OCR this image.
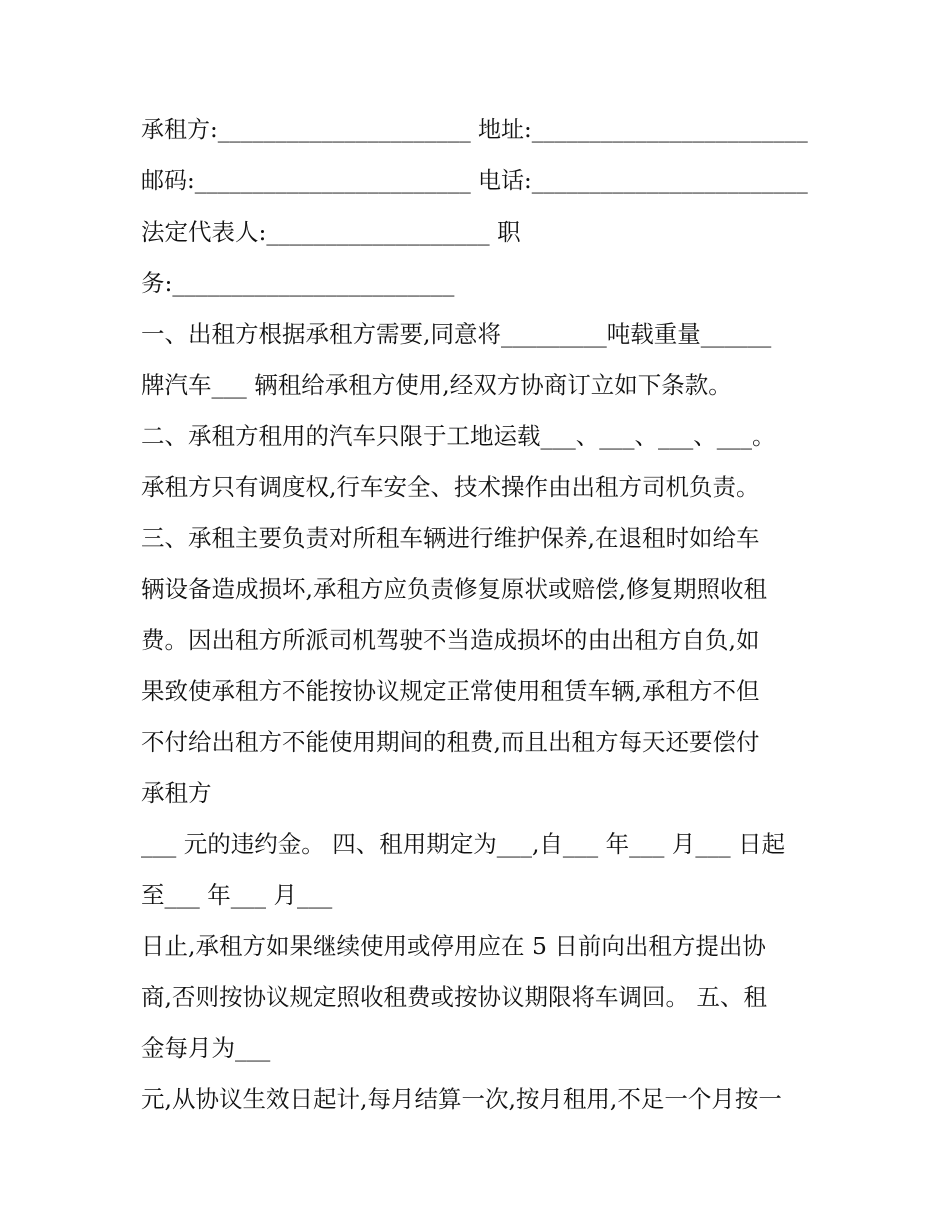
承租方:______________________ 地址:________________________
邮码:________________________ 电话:________________________
法定代表人:___________________ 职
务:________________________
一、出租方根据承租方需要,同意将_________吨载重量______
牌汽车___ 辆租给承租方使用,经双方协商订立如下条款。
二、承租方租用的汽车只限于工地运载___、___、___、___。
承租方只有调度权,行车安全、技术操作由出租方司机负责。
三、承租主要负责对所租车辆进行维护保养,在退租时如给车
辆设备造成损坏,承租方应负责修复原状或赔偿,修复期照收租
费。因出租方所派司机驾驶不当造成损坏的由出租方自负,如
果致使承租方不能按协议规定正常使用租赁车辆,承租方不但
不付给出租方不能使用期间的租费,而且出租方每天还要偿付
承租方
___ 元的违约金。 四、租用期定为___,自___ 年___ 月___ 日起
至___ 年___ 月___
日止,承租方如果继续使用或停用应在 5 日前向出租方提出协
商,否则按协议规定照收租费或按协议期限将车调回。 五、租
金每月为___
元,从协议生效日起计,每月结算一次,按月租用,不足一个月按一
